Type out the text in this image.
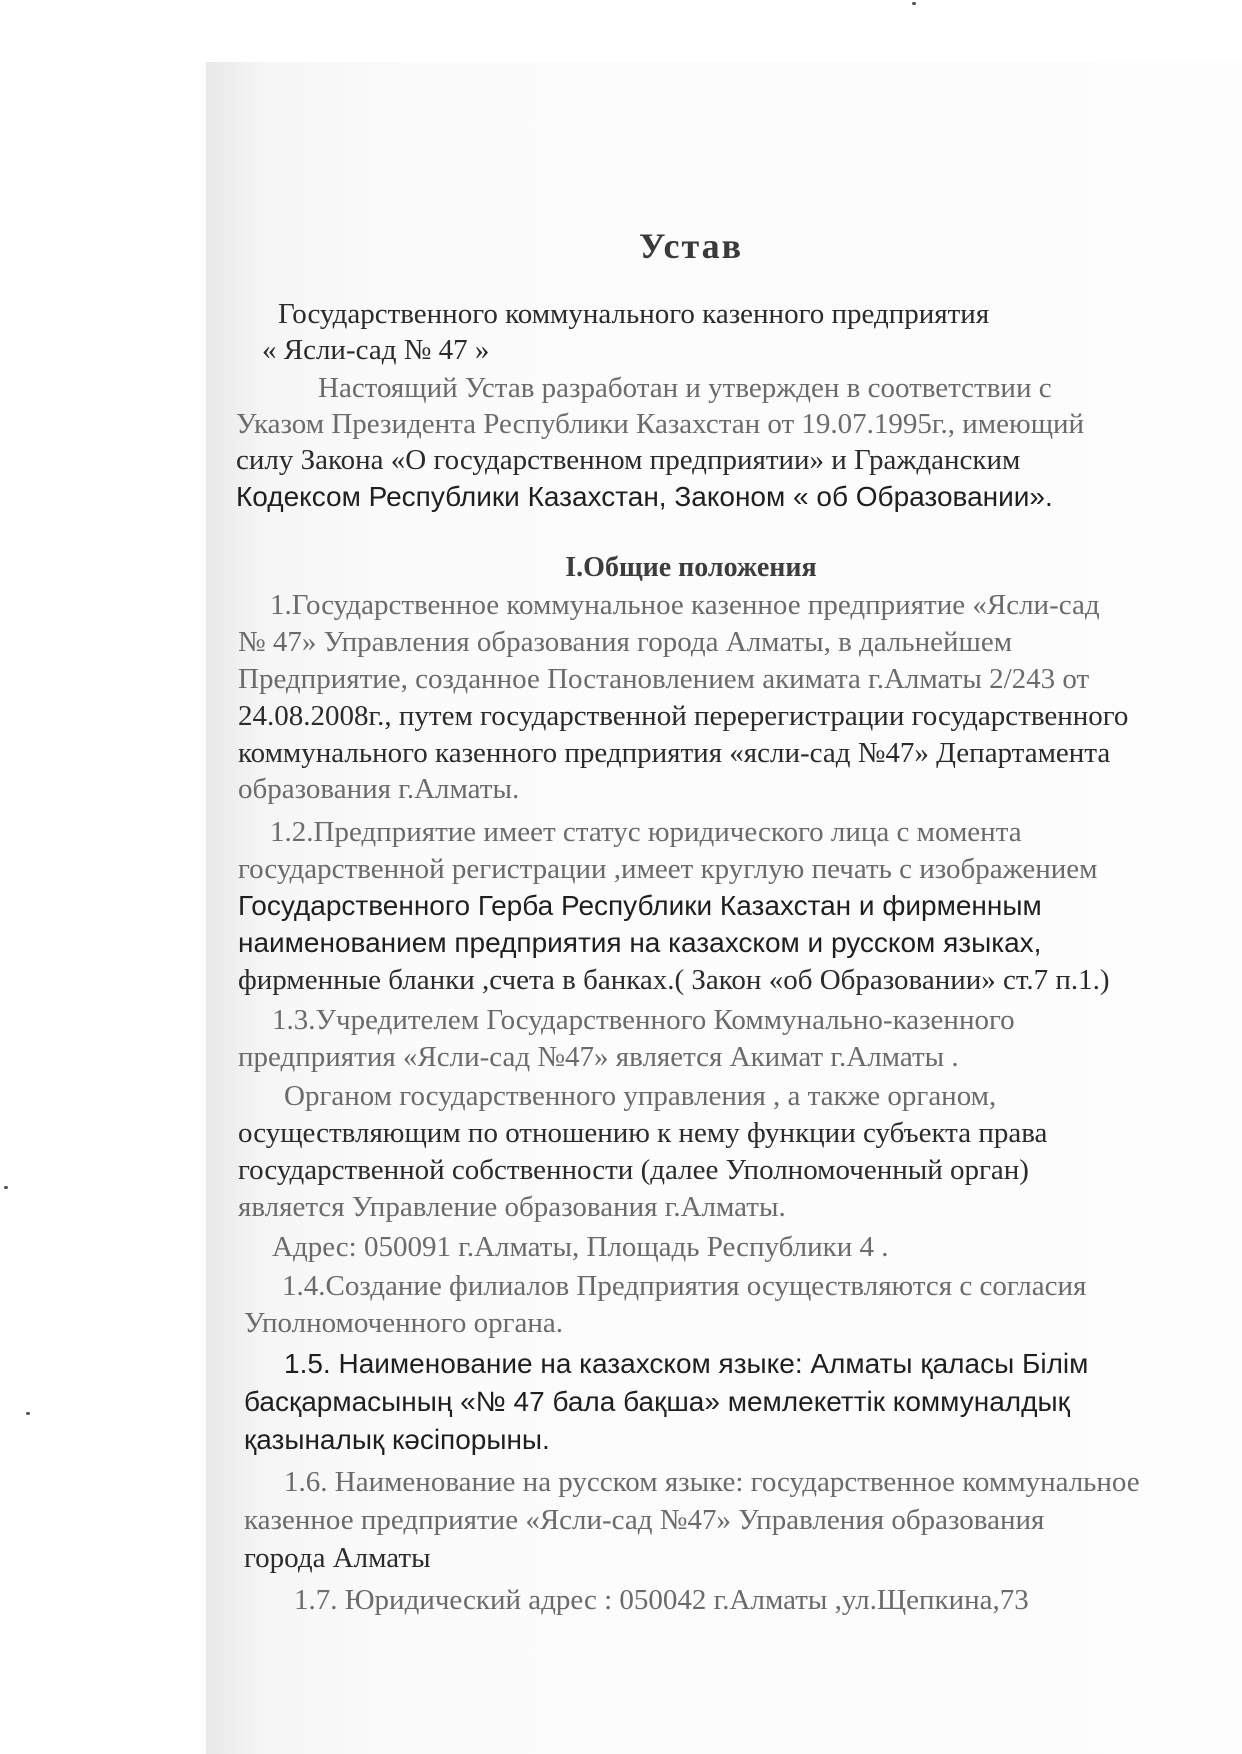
Устав
Государственного коммунального казенного предприятия
« Ясли-сад № 47 »
Настоящий Устав разработан и утвержден в соответствии с
Указом Президента Республики Казахстан от 19.07.1995г., имеющий
силу Закона «О государственном предприятии» и Гражданским
Кодексом Республики Казахстан, Законом « об Образовании».
I.Общие положения
1.Государственное коммунальное казенное предприятие «Ясли-сад
№ 47» Управления образования города Алматы, в дальнейшем
Предприятие, созданное Постановлением акимата г.Алматы 2/243 от
24.08.2008г., путем государственной перерегистрации государственного
коммунального казенного предприятия «ясли-сад №47» Департамента
образования г.Алматы.
1.2.Предприятие имеет статус юридического лица с момента
государственной регистрации ,имеет круглую печать с изображением
Государственного Герба Республики Казахстан и фирменным
наименованием предприятия на казахском и русском языках,
фирменные бланки ,счета в банках.( Закон «об Образовании» ст.7 п.1.)
1.3.Учредителем Государственного Коммунально-казенного
предприятия «Ясли-сад №47» является Акимат г.Алматы .
Органом государственного управления , а также органом,
осуществляющим по отношению к нему функции субъекта права
государственной собственности (далее Уполномоченный орган)
является Управление образования г.Алматы.
Адрес: 050091 г.Алматы, Площадь Республики 4 .
1.4.Создание филиалов Предприятия осуществляются с согласия
Уполномоченного органа.
1.5. Наименование на казахском языке: Алматы қаласы Білім
басқармасының «№ 47 бала бақша» мемлекеттік коммуналдық
қазыналық кәсіпорыны.
1.6. Наименование на русском языке: государственное коммунальное
казенное предприятие «Ясли-сад №47» Управления образования
города Алматы
1.7. Юридический адрес : 050042 г.Алматы ,ул.Щепкина,73
